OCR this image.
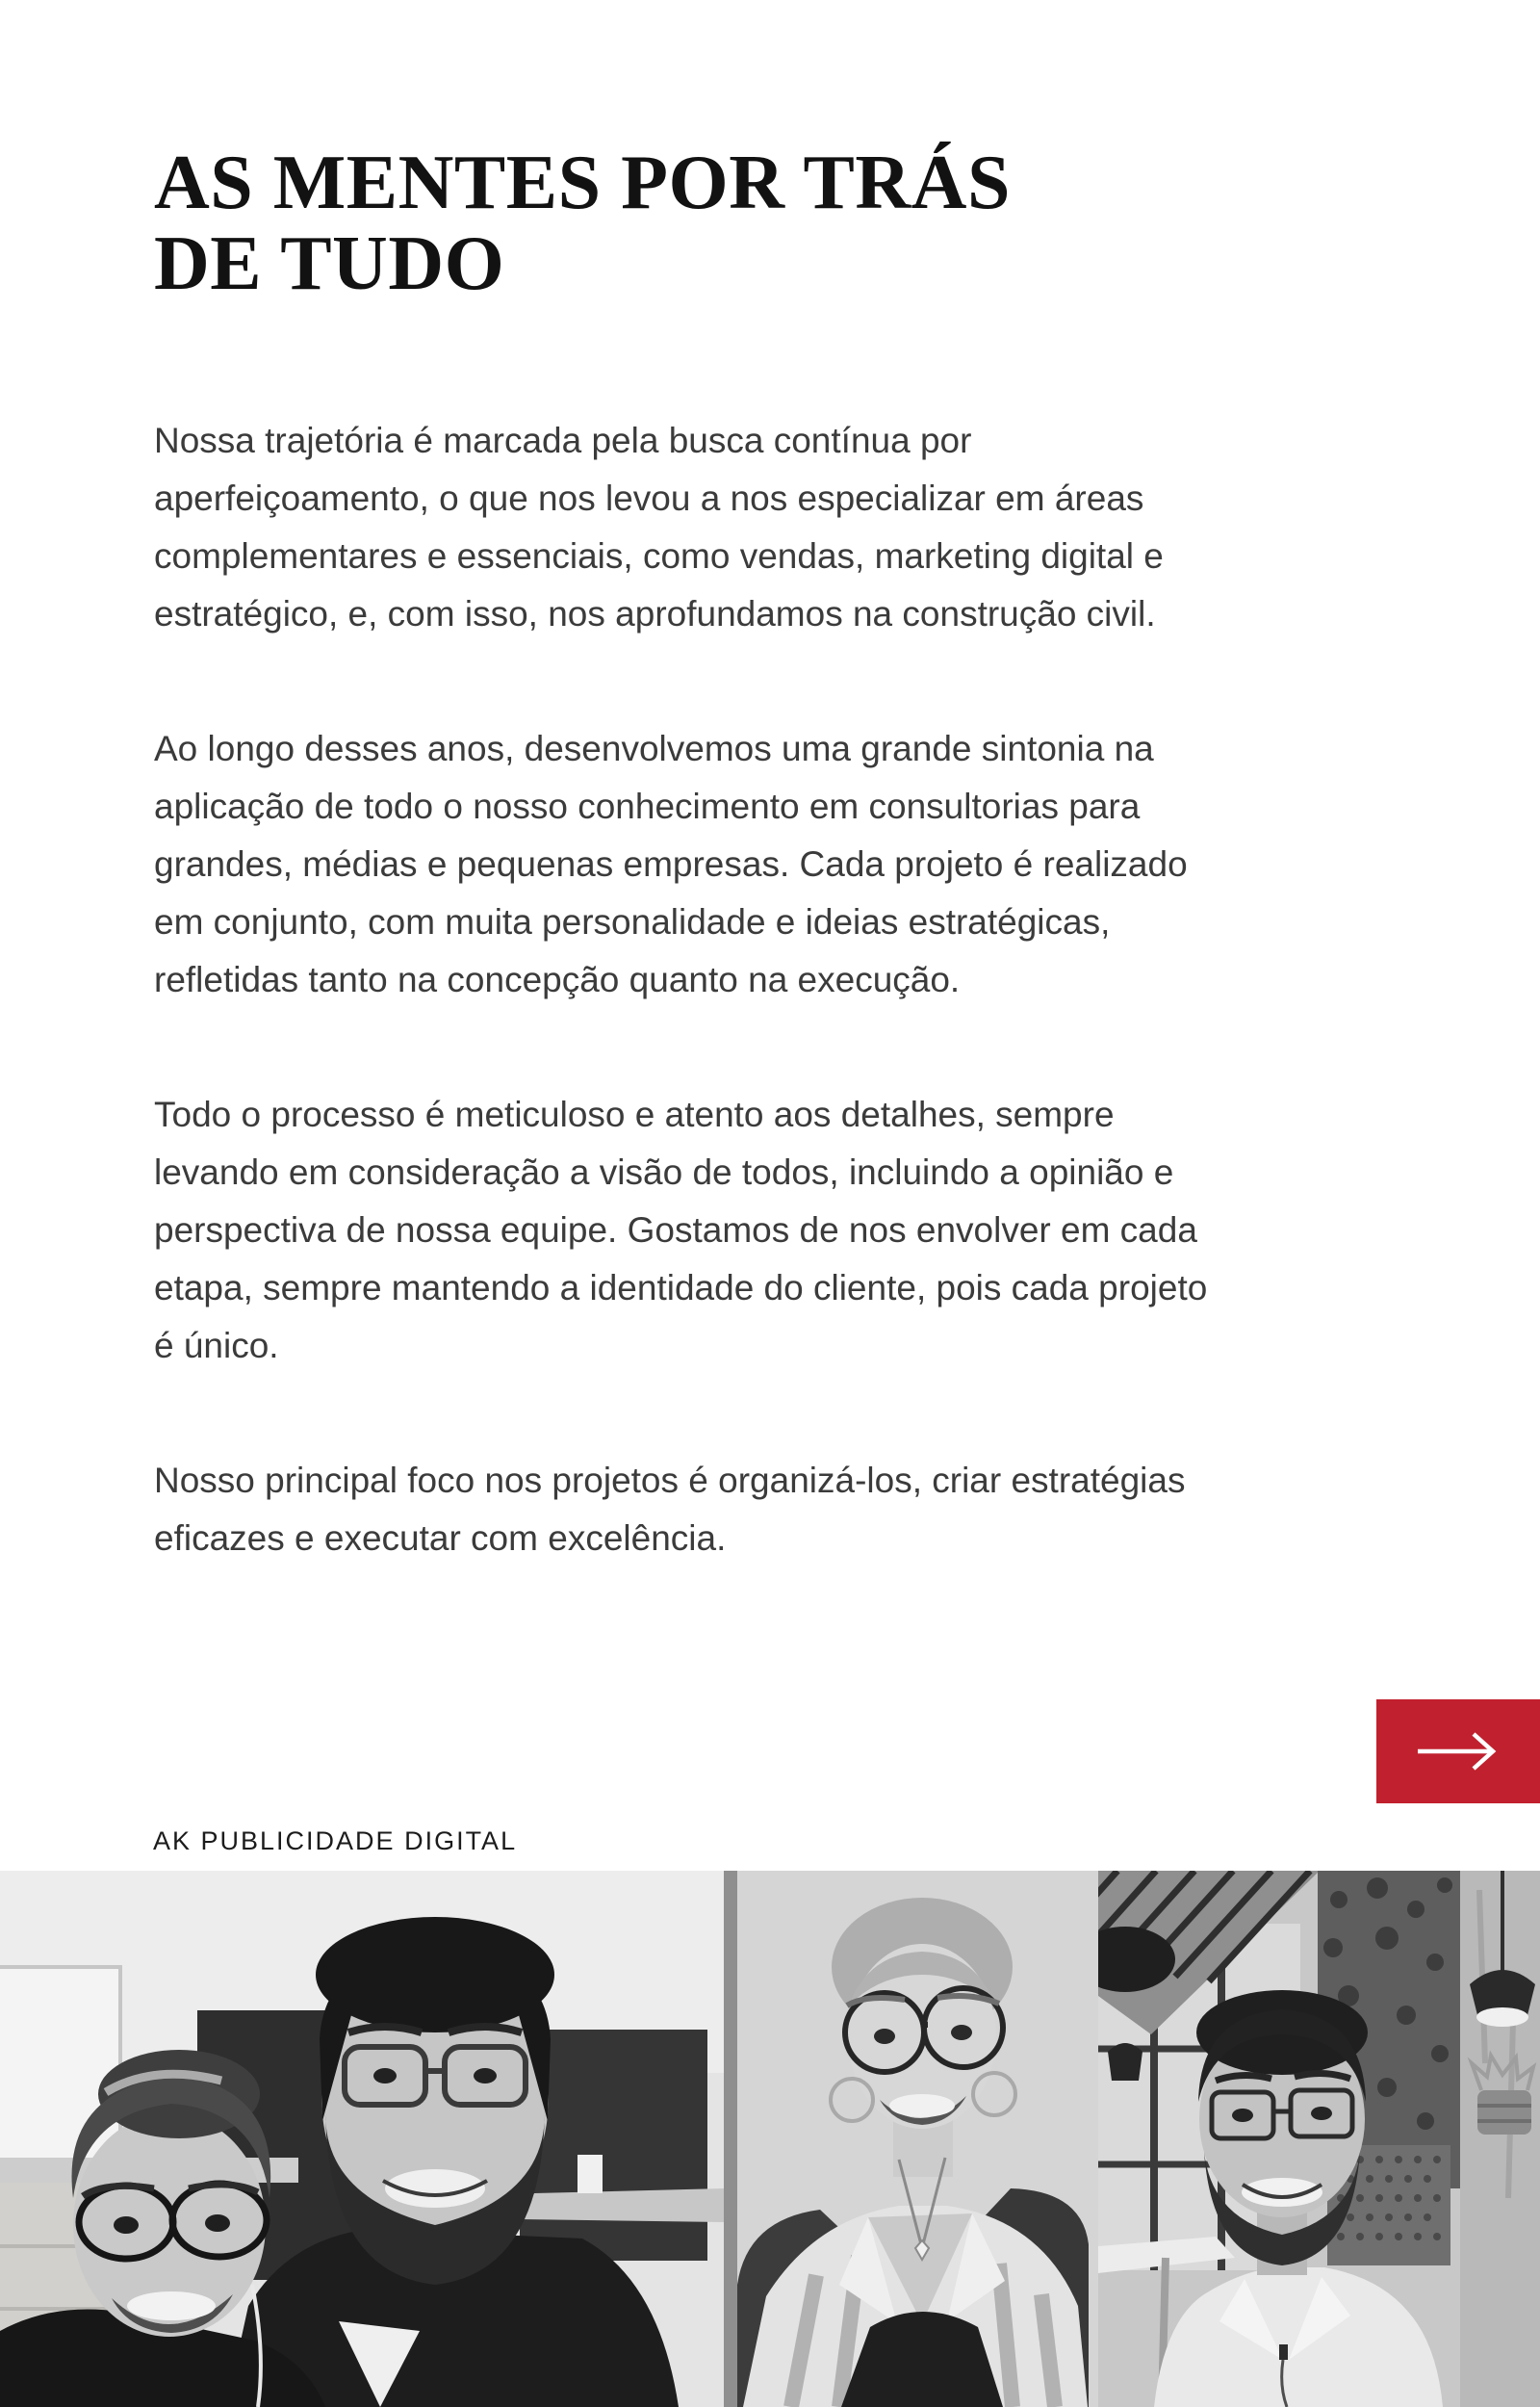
AS MENTES POR TRÁS
DE TUDO

Nossa trajetória é marcada pela busca contínua por aperfeiçoamento, o que nos levou a nos especializar em áreas complementares e essenciais, como vendas, marketing digital e estratégico, e, com isso, nos aprofundamos na construção civil.

Ao longo desses anos, desenvolvemos uma grande sintonia na aplicação de todo o nosso conhecimento em consultorias para grandes, médias e pequenas empresas. Cada projeto é realizado em conjunto, com muita personalidade e ideias estratégicas, refletidas tanto na concepção quanto na execução.

Todo o processo é meticuloso e atento aos detalhes, sempre levando em consideração a visão de todos, incluindo a opinião e perspectiva de nossa equipe. Gostamos de nos envolver em cada etapa, sempre mantendo a identidade do cliente, pois cada projeto é único.

Nosso principal foco nos projetos é organizá-los, criar estratégias eficazes e executar com excelência.

AK PUBLICIDADE DIGITAL
